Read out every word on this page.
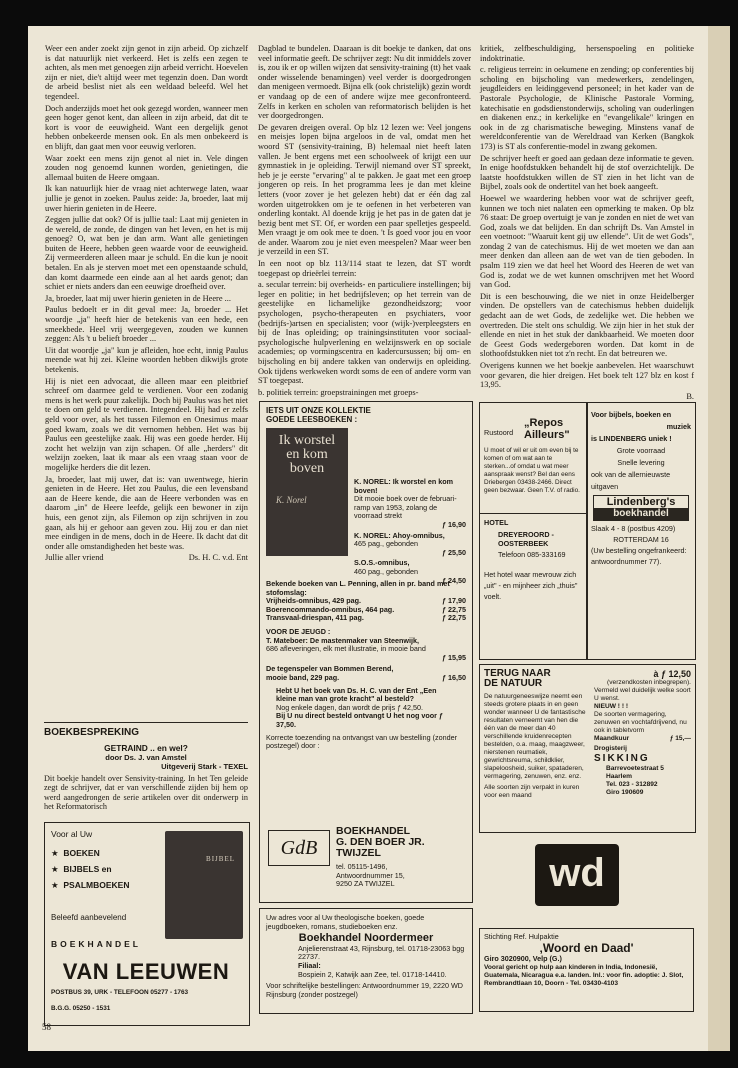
Weer een ander zoekt zijn genot in zijn arbeid. Op zichzelf is dat natuurlijk niet verkeerd. Het is zelfs een zegen te achten, als men met genoegen zijn arbeid verricht. Hoevelen zijn er niet, die't altijd weer met tegenzin doen. Dan wordt de arbeid beslist niet als een weldaad beleefd. Wel het tegendeel.

Doch anderzijds moet het ook gezegd worden, wanneer men geen hoger genot kent, dan alleen in zijn arbeid, dat dit te kort is voor de eeuwigheid. Want een dergelijk genot hebben onbekeerde mensen ook. En als men onbekeerd is en blijft, dan gaat men voor eeuwig verloren.

Waar zoekt een mens zijn genot al niet in. Vele dingen zouden nog genoemd kunnen worden, genietingen, die allemaal buiten de Heere omgaan.

Ik kan natuurlijk hier de vraag niet achterwege laten, waar jullie je genot in zoeken. Paulus zeide: Ja, broeder, laat mij uwer hierin genieten in de Heere.

Zeggen jullie dat ook? Of is jullie taal: Laat mij genieten in de wereld, de zonde, de dingen van het leven, en het is mij genoeg? O, wat ben je dan arm. Want alle genietingen buiten de Heere, hebben geen waarde voor de eeuwigheid. Zij vermeerderen alleen maar je schuld. En die kun je nooit betalen. En als je sterven moet met een openstaande schuld, dan komt daarmede een einde aan al het aards genot; dan schiet er niets anders dan een eeuwige droefheid over.

Ja, broeder, laat mij uwer hierin genieten in de Heere ...

Paulus bedoelt er in dit geval mee: Ja, broeder ... Het woordje „ja" heeft hier de betekenis van een hede, een smeekbede. Heel vrij weergegeven, zouden we kunnen zeggen: Als 't u belieft broeder ...

Uit dat woordje „ja" kun je afleiden, hoe echt, innig Paulus meende wat hij zei. Kleine woorden hebben dikwijls grote betekenis.

Hij is niet een advocaat, die alleen maar een pleitbrief schreef om daarmee geld te verdienen. Voor een zodanig mens is het werk puur zakelijk. Doch bij Paulus was het niet te doen om geld te verdienen. Integendeel. Hij had er zelfs geld voor over, als het tussen Filemon en Onesimus maar goed kwam, zoals we dit vernomen hebben. Het was bij Paulus een geestelijke zaak. Hij was een goede herder. Hij zocht het welzijn van zijn schapen. Of alle „herders" dit welzijn zoeken, laat ik maar als een vraag staan voor de mogelijke herders die dit lezen.

Ja, broeder, laat mij uwer, dat is: van uwentwege, hierin genieten in de Heere. Het zou Paulus, die een levensband aan de Heere kende, die aan de Heere verbonden was en daarom „in" de Heere leefde, gelijk een bewoner in zijn huis, een genot zijn, als Filemon op zijn schrijven in zou gaan, als hij er gehoor aan geven zou. Hij zou er dan niet mee eindigen in de mens, doch in de Heere. Ik dacht dat dit onder alle omstandigheden het beste was.

Jullie aller vriend	Ds. H. C. v.d. Ent
BOEKBESPREKING
GETRAIND .. en wel?
door Ds. J. van Amstel
Uitgeverij Stark - TEXEL
Dit boekje handelt over Sensivity-training. In het Ten geleide zegt de schrijver, dat er van verschillende zijden bij hem op werd aangedrongen de serie artikelen over dit onderwerp in het Reformatorisch
Voor al Uw
★ BOEKEN
★ BIJBELS en
★ PSALMBOEKEN
BIJBEL
Beleefd aanbevelend
BOEKHANDEL
VAN LEEUWEN
POSTBUS 39, URK - TELEFOON 05277 - 1763
B.G.G. 05250 - 1531
58

Dagblad te bundelen. Daaraan is dit boekje te danken, dat ons veel informatie geeft. De schrijver zegt: Nu dit inmiddels zover is, zou ik er op willen wijzen dat sensivity-training (tt) het vaak onder wisselende benamingen) veel verder is doorgedrongen dan menigeen vermoedt. Bijna elk (ook christelijk) gezin wordt er vandaag op de een of andere wijze mee geconfronteerd. Zelfs in kerken en scholen van reformatorisch belijden is het ver doorgedrongen.

De gevaren dreigen overal. Op blz 12 lezen we: Veel jongens en meisjes lopen bijna argeloos in de val, omdat men het woord ST (sensivity-training, B) helemaal niet heeft laten vallen. Je bent ergens met een schoolweek of krijgt een uur gymnastiek in je opleiding. Terwijl niemand over ST spreekt, heb je je eerste "ervaring" al te pakken. Je gaat met een groep jongeren op reis. In het programma lees je dan met kleine letters (voor zover je het gelezen hebt) dat er één dag zal worden uitgetrokken om je te oefenen in het verbeteren van onderling kontakt. Al doende krijg je het pas in de gaten dat je bezig bent met ST. Of, er worden een paar spelletjes gespeeld. Men vraagt je om ook mee te doen. 't Is goed voor jou en voor de ander. Waarom zou je niet even meespelen? Maar weer ben je verzeild in een ST.

In een noot op blz 113/114 staat te lezen, dat ST wordt toegepast op drieërlei terrein:

a. secular terrein: bij overheids- en particuliere instellingen; bij leger en politie; in het bedrijfsleven; op het terrein van de geestelijke en lichamelijke gezondheidszorg; voor psychologen, psycho-therapeuten en psychiaters, voor (bedrijfs-)artsen en specialisten; voor (wijk-)verpleegsters en bij de Inas opleiding; op trainingsinstituten voor sociaal-psychologische hulpverlening en welzijnswerk en op sociale academies; op vormingscentra en kadercursussen; bij om- en bijscholing en bij andere takken van onderwijs en opleiding. Ook tijdens werkweken wordt soms de een of andere vorm van ST toegepast.

b. politiek terrein: groepstrainingen met groeps-

IETS UIT ONZE KOLLEKTIE
GOEDE LEESBOEKEN :
Ik worstel en kom boven
K. Norel
K. NOREL: Ik worstel en kom boven!
Dit mooie boek over de februari-ramp van 1953, zolang de voorraad strekt
ƒ 16,90
K. NOREL: Ahoy-omnibus,
465 pag., gebonden
ƒ 25,50
S.O.S.-omnibus,
460 pag., gebonden
ƒ 24,50
Bekende boeken van L. Penning, allen in pr. band met stofomslag:
Vrijheids-omnibus, 429 pag.	ƒ 17,90
Boerencommando-omnibus, 464 pag.	ƒ 22,75
Transvaal-driespan, 411 pag.	ƒ 22,75
VOOR DE JEUGD :
T. Mateboer: De mastenmaker van Steenwijk,
686 afleveringen, elk met illustratie, in mooie band
ƒ 15,95
De tegenspeler van Bommen Berend,
mooie band, 229 pag.	ƒ 16,50
Hebt U het boek van Ds. H. C. van der Ent „Een kleine man van grote kracht" al besteld?
Nog enkele dagen, dan wordt de prijs ƒ 42,50.
Bij U nu direct besteld ontvangt U het nog voor ƒ 37,50.
Korrecte toezending na ontvangst van uw bestelling (zonder postzegel) door :
GdB
BOEKHANDEL
G. DEN BOER JR.
TWIJZEL
tel. 05115-1496,
Antwoordnummer 15,
9250 ZA TWIJZEL
Uw adres voor al Uw theologische boeken, goede jeugdboeken, romans, studieboeken enz.
Boekhandel Noordermeer
Anjelierenstraat 43, Rijnsburg, tel. 01718-23063 bgg 22737.
Filiaal:
Bospiein 2, Katwijk aan Zee, tel. 01718-14410.
Voor schriftelijke bestellingen: Antwoordnummer 19, 2220 WD Rijnsburg (zonder postzegel)

kritiek, zelfbeschuldiging, hersenspoeling en politieke indoktrinatie.

c. religieus terrein: in oekumene en zending; op conferenties bij scholing en bijscholing van medewerkers, zendelingen, jeugdleiders en leidinggevend personeel; in het kader van de Pastorale Psychologie, de Klinische Pastorale Vorming, katechisatie en godsdienstonderwijs, scholing van ouderlingen en diakenen enz.; in kerkelijke en "evangelikale" kringen en ook in de zg charismatische beweging. Minstens vanaf de wereldconferentie van de Wereldraad van Kerken (Bangkok 173) is ST als conferentie-model in zwang gekomen.

De schrijver heeft er goed aan gedaan deze informatie te geven. In enige hoofdstukken behandelt hij de stof overzichtelijk. De laatste hoofdstukken willen de ST zien in het licht van de Bijbel, zoals ook de ondertitel van het boek aangeeft.

Hoewel we waardering hebben voor wat de schrijver geeft, kunnen we toch niet nalaten een opmerking te maken. Op blz 76 staat: De groep overtuigt je van je zonden en niet de wet van God, zoals we dat belijden. En dan schrijft Ds. Van Amstel in een voetnoot: "Waaruit kent gij uw ellende". Uit de wet Gods", zondag 2 van de catechismus. Hij de wet moeten we dan aan meer denken dan alleen aan de wet van de tien geboden. In psalm 119 zien we dat heel het Woord des Heeren de wet van God is, zodat we de wet kunnen omschrijven met het Woord van God.

Dit is een beschouwing, die we niet in onze Heidelberger vinden. De opstellers van de catechismus hebben duidelijk gedacht aan de wet Gods, de zedelijke wet. Die hebben we overtreden. Die stelt ons schuldig. We zijn hier in het stuk der ellende en niet in het stuk der dankbaarheid. We moeten door de Geest Gods wedergeboren worden. Dat komt in de slothoofdstukken niet tot z'n recht. En dat betreuren we.

Overigens kunnen we het boekje aanbevelen. Het waarschuwt voor gevaren, die hier dreigen. Het boek telt 127 blz en kost f 13,95.

B.
Rustoord
„Repos
Ailleurs"
U moet of wil er uit om even bij te komen of om wat aan te sterken...of omdat u wat meer aanspraak wenst? Bel dan eens Driebergen 03438-2466. Direct geen bezwaar. Geen T.V. of radio.
HOTEL
DREYEROORD -
OOSTERBEEK
Telefoon 085-333169
Het hotel waar mevrouw zich „uit" - en mijnheer zich „thuis" voelt.
Voor bijbels, boeken en
muziek
is LINDENBERG uniek !
Grote voorraad
Snelle levering
ook van de allernieuwste uitgaven
Lindenberg's
boekhandel
Slaak 4 - 8 (postbus 4209)
ROTTERDAM 16
(Uw bestelling ongefrankeerd: antwoordnummer 77).
TERUG NAAR
DE NATUUR
De natuurgeneeswijze neemt een steeds grotere plaats in en geen wonder wanneer U de fantastische resultaten verneemt van hen die één van de meer dan 40 verschillende kruidenrecepten bestelden, o.a. maag, maagzweer, nierstenen reumatiek, gewrichtsreuma, schildklier, slapeloosheid, suiker, spataderen, vermagering, zenuwen, enz. enz.
Alle soorten zijn verpakt in kuren voor een maand
à ƒ 12,50
(verzendkosten inbegrepen).
Vermeld wel duidelijk welke soort U wenst.
NIEUW ! ! !
De soorten vermagering, zenuwen en vochtafdrijvend, nu ook in tabletvorm
Maandkuur	ƒ 15,—
Drogisterij
SIKKING
Barrevoetestraat 5
Haarlem
Tel. 023 - 312892
Giro 190609
wd
Stichting Ref. Hulpaktie
‚Woord en Daad'
Giro 3020900, Velp (G.)
Vooral gericht op hulp aan kinderen in India, Indonesië, Guatemala, Nicaragua e.a. landen. Inl.: voor fin. adoptie: J. Slot, Rembrandtlaan 10, Doorn - Tel. 03430-4103
